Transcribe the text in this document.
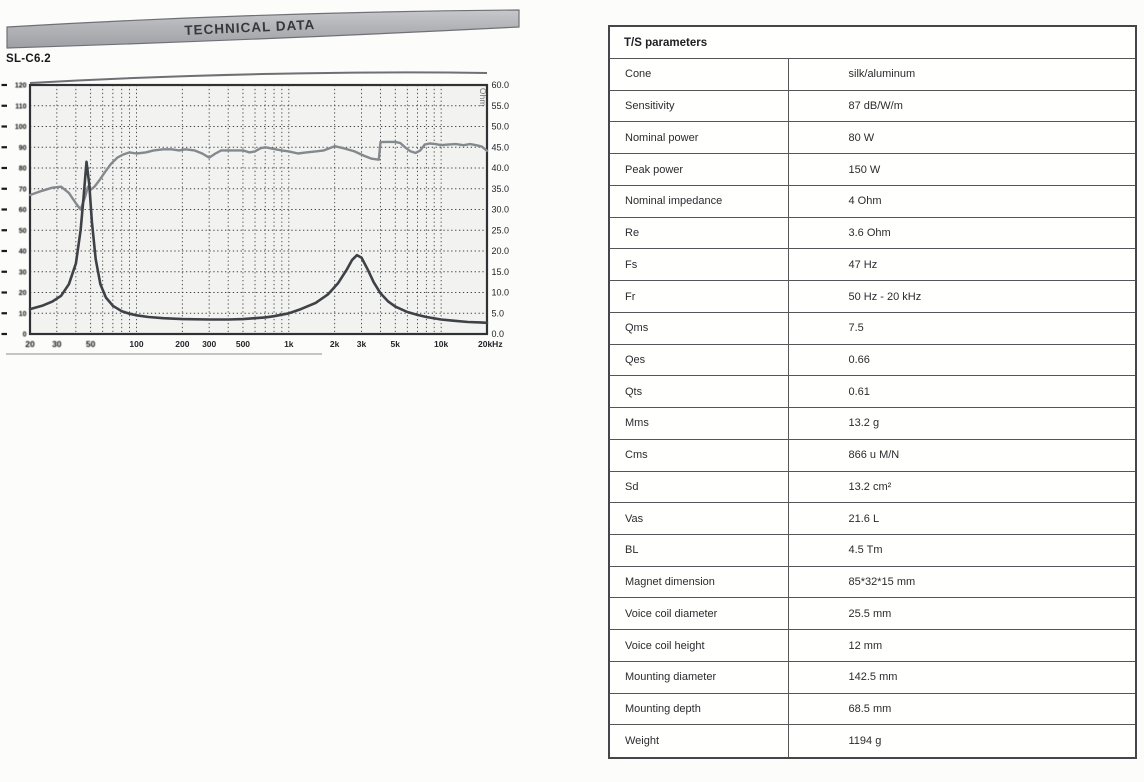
TECHNICAL DATA
SL-C6.2
120
110
100
90
80
70
60
50
40
30
20
10
0
60.0
55.0
50.0
45.0
40.0
35.0
30.0
25.0
20.0
15.0
10.0
5.0
0.0
Ohm
20 30	50	100	200 300 500	1k	2k 3k	5k	10k	20kHz
T/S parameters	
Cone	silk/aluminum
Sensitivity	87 dB/W/m
Nominal power	80 W
Peak power	150 W
Nominal impedance	4 Ohm
Re	3.6 Ohm
Fs	47 Hz
Fr	50 Hz - 20 kHz
Qms	7.5
Qes	0.66
Qts	0.61
Mms	13.2 g
Cms	866 u M/N
Sd	13.2 cm²
Vas	21.6 L
BL	4.5 Tm
Magnet dimension	85*32*15 mm
Voice coil diameter	25.5 mm
Voice coil height	12 mm
Mounting diameter	142.5 mm
Mounting depth	68.5 mm
Weight	1194 g
